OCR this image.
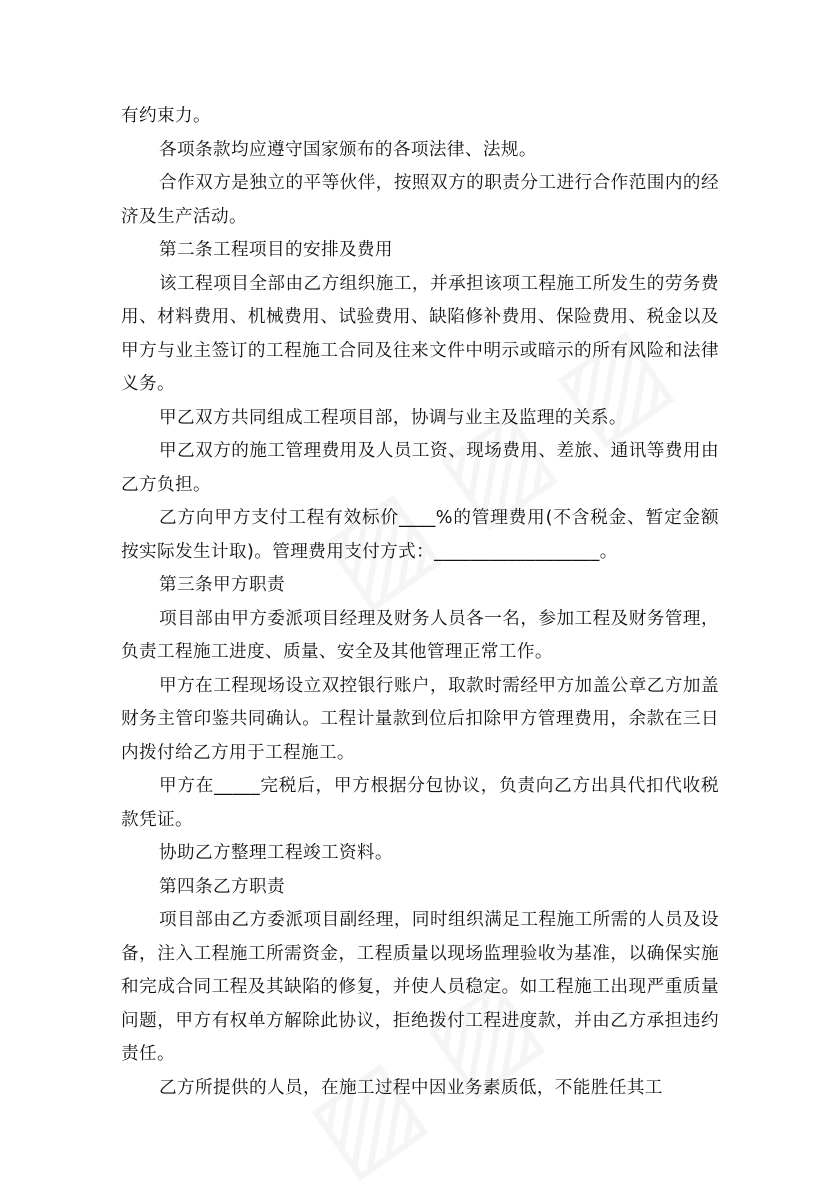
有约束力。

各项条款均应遵守国家颁布的各项法律、法规。

合作双方是独立的平等伙伴，按照双方的职责分工进行合作范围内的经济及生产活动。

第二条工程项目的安排及费用

该工程项目全部由乙方组织施工，并承担该项工程施工所发生的劳务费用、材料费用、机械费用、试验费用、缺陷修补费用、保险费用、税金以及甲方与业主签订的工程施工合同及往来文件中明示或暗示的所有风险和法律义务。

甲乙双方共同组成工程项目部，协调与业主及监理的关系。

甲乙双方的施工管理费用及人员工资、现场费用、差旅、通讯等费用由乙方负担。

乙方向甲方支付工程有效标价____%的管理费用(不含税金、暂定金额按实际发生计取)。管理费用支付方式：__________________。

第三条甲方职责

项目部由甲方委派项目经理及财务人员各一名，参加工程及财务管理，负责工程施工进度、质量、安全及其他管理正常工作。

甲方在工程现场设立双控银行账户，取款时需经甲方加盖公章乙方加盖财务主管印鉴共同确认。工程计量款到位后扣除甲方管理费用，余款在三日内拨付给乙方用于工程施工。

甲方在_____完税后，甲方根据分包协议，负责向乙方出具代扣代收税款凭证。

协助乙方整理工程竣工资料。

第四条乙方职责

项目部由乙方委派项目副经理，同时组织满足工程施工所需的人员及设备，注入工程施工所需资金，工程质量以现场监理验收为基准，以确保实施和完成合同工程及其缺陷的修复，并使人员稳定。如工程施工出现严重质量问题，甲方有权单方解除此协议，拒绝拨付工程进度款，并由乙方承担违约责任。

乙方所提供的人员，在施工过程中因业务素质低，不能胜任其工
